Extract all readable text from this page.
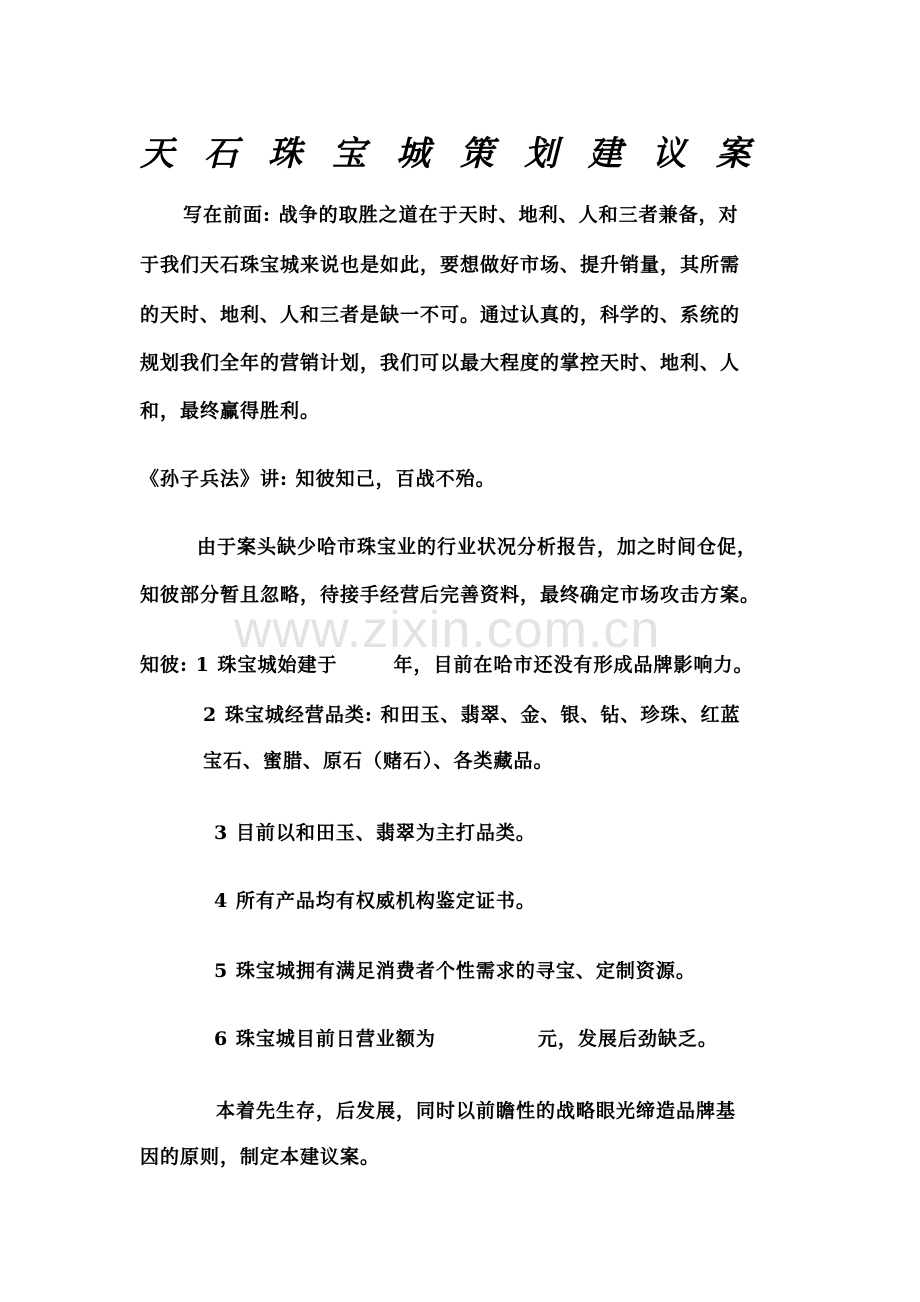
www.zixin.com.cn
天石珠宝城策划建议案
写在前面: 战争的取胜之道在于天时、地利、人和三者兼备，对
于我们天石珠宝城来说也是如此，要想做好市场、提升销量，其所需
的天时、地利、人和三者是缺一不可。通过认真的，科学的、系统的
规划我们全年的营销计划，我们可以最大程度的掌控天时、地利、人
和，最终赢得胜利。
《孙子兵法》讲: 知彼知己，百战不殆。
由于案头缺少哈市珠宝业的行业状况分析报告，加之时间仓促，
知彼部分暂且忽略，待接手经营后完善资料，最终确定市场攻击方案。
知彼: 1 珠宝城始建于	年，目前在哈市还没有形成品牌影响力。
2 珠宝城经营品类: 和田玉、翡翠、金、银、钻、珍珠、红蓝
宝石、蜜腊、原石（赌石）、各类藏品。
3 目前以和田玉、翡翠为主打品类。
4 所有产品均有权威机构鉴定证书。
5 珠宝城拥有满足消费者个性需求的寻宝、定制资源。
6 珠宝城目前日营业额为	元，发展后劲缺乏。
本着先生存，后发展，同时以前瞻性的战略眼光缔造品牌基
因的原则，制定本建议案。
